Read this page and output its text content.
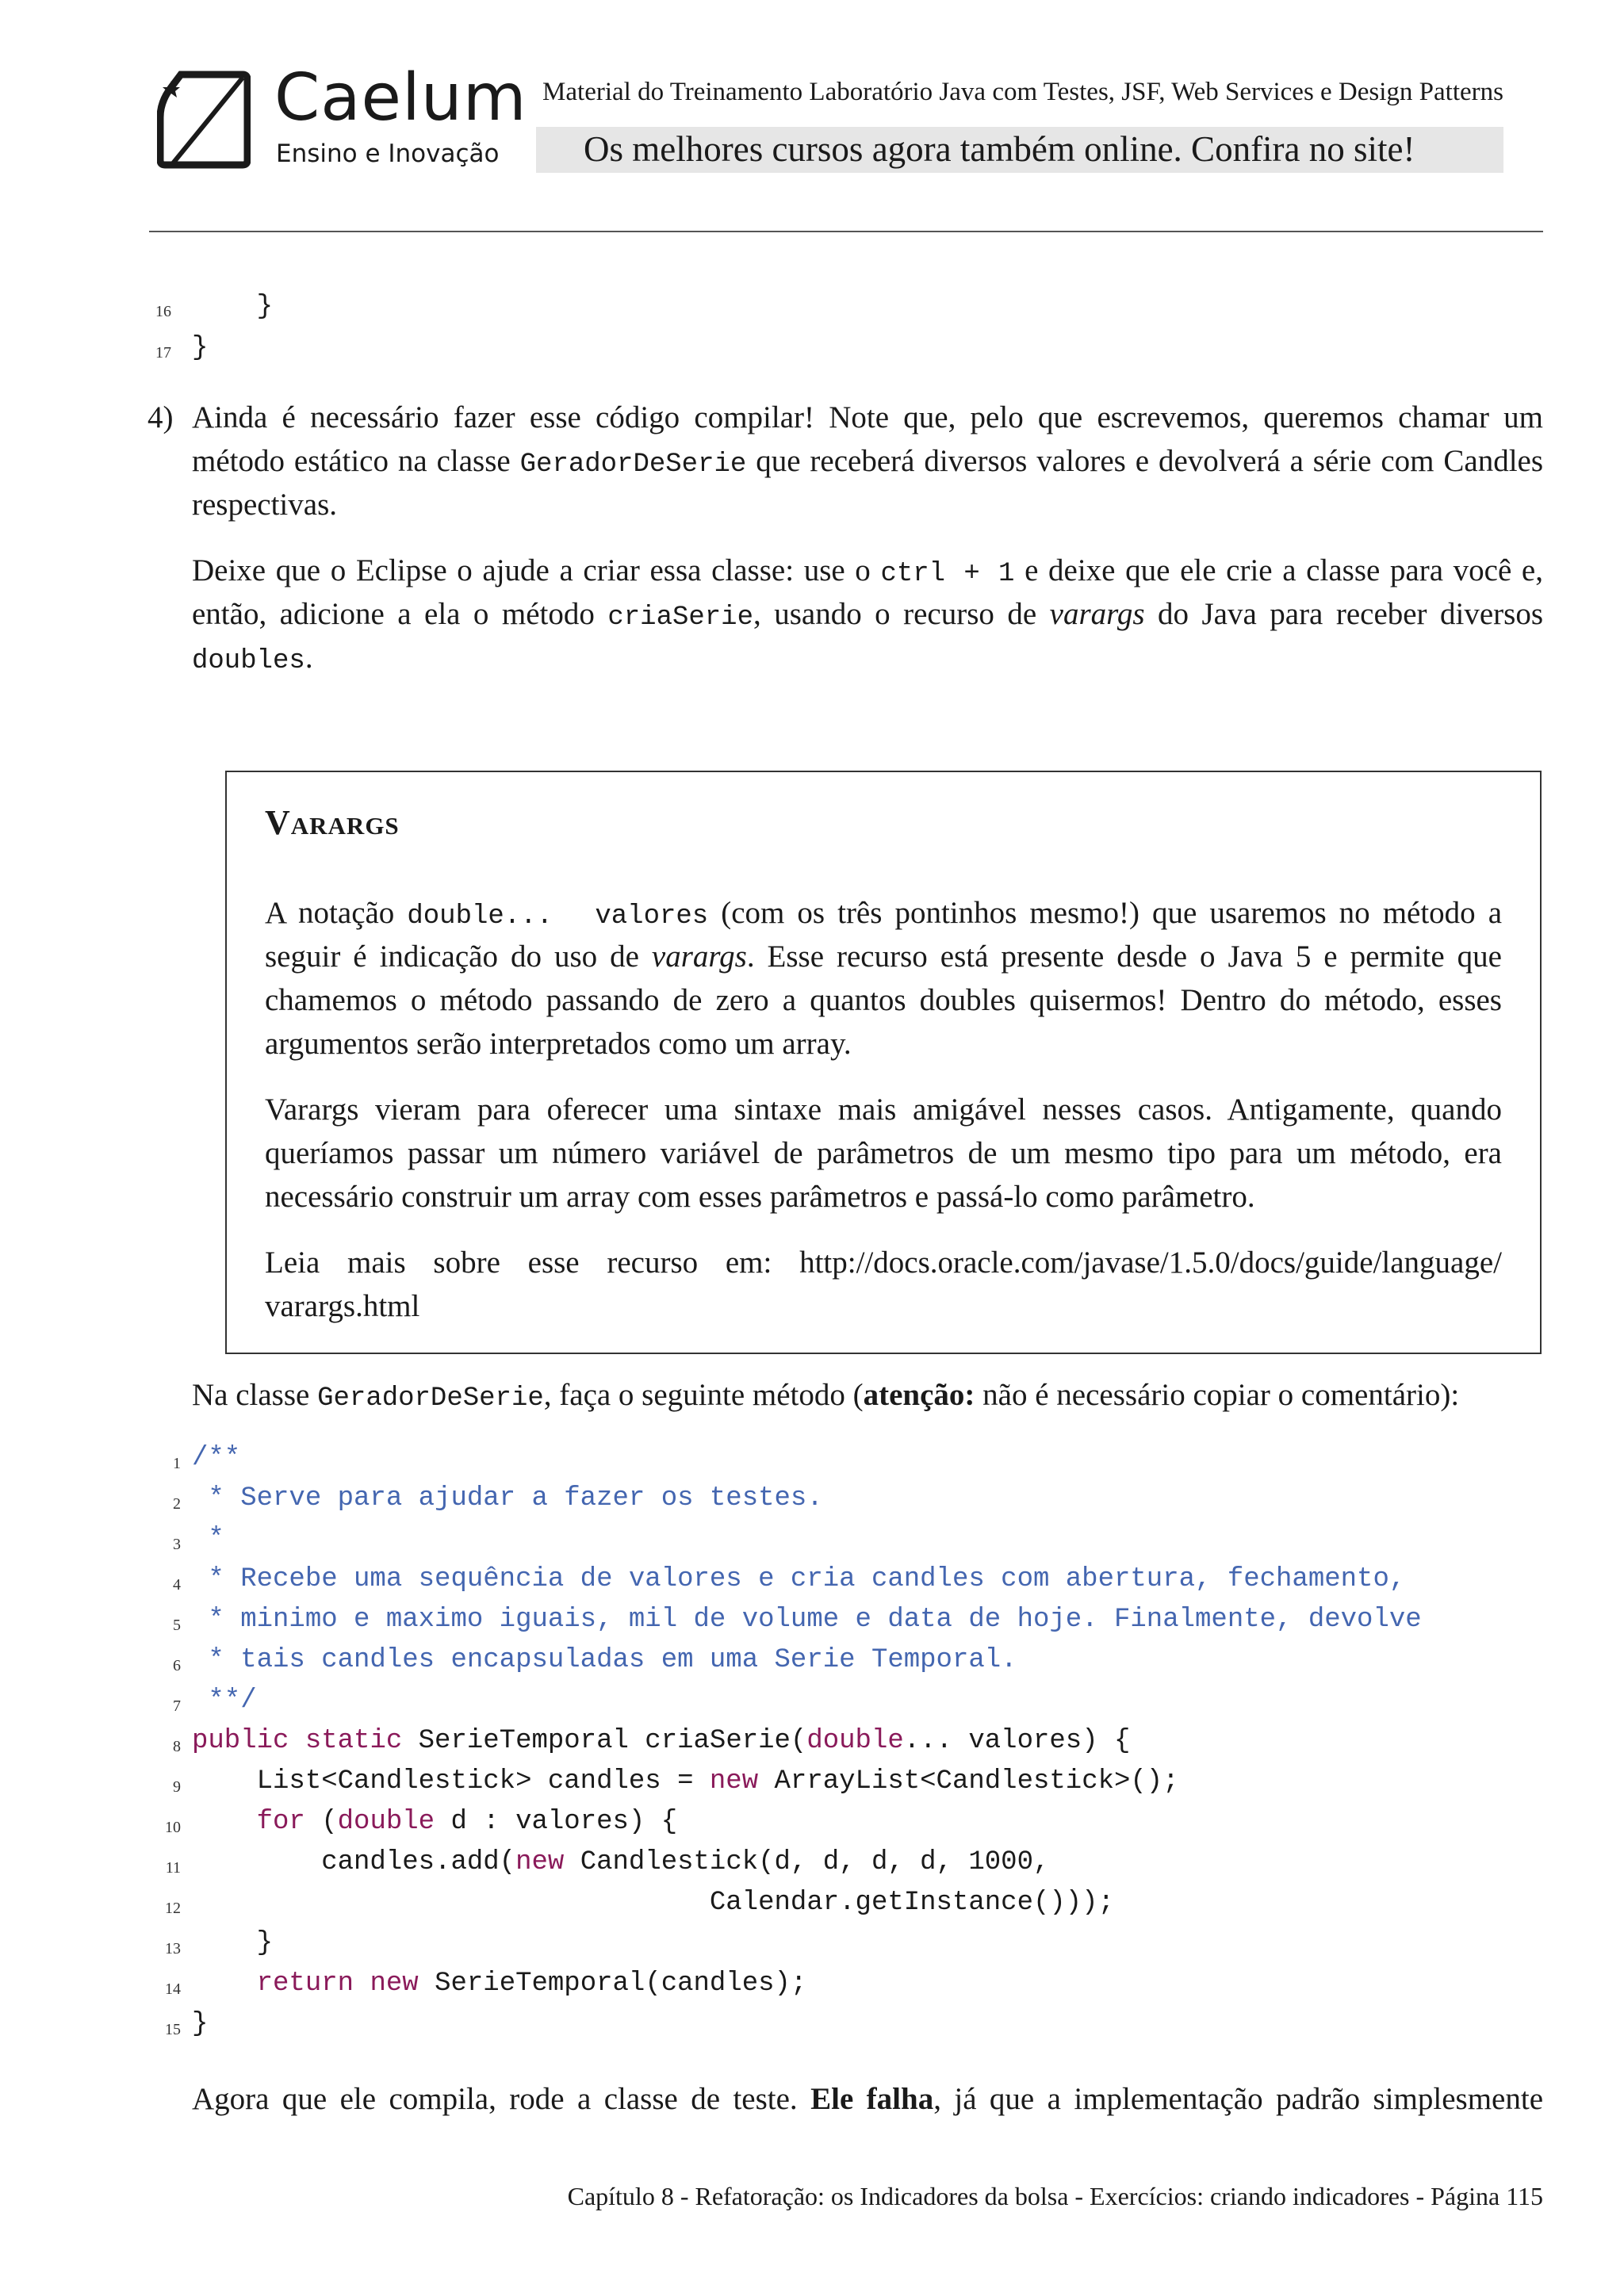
Caelum
Ensino e Inovação
Material do Treinamento Laboratório Java com Testes, JSF, Web Services e Design Patterns
Os melhores cursos agora também online. Confira no site!
16 }
17 }
4) Ainda é necessário fazer esse código compilar! Note que, pelo que escrevemos, queremos chamar um
método estático na classe GeradorDeSerie que receberá diversos valores e devolverá a série com Candles
respectivas.
Deixe que o Eclipse o ajude a criar essa classe: use o ctrl + 1 e deixe que ele crie a classe para você e,
então, adicione a ela o método criaSerie, usando o recurso de varargs do Java para receber diversos
doubles.
Varargs
A notação double...  valores (com os três pontinhos mesmo!) que usaremos no método a
seguir é indicação do uso de varargs. Esse recurso está presente desde o Java 5 e permite que
chamemos o método passando de zero a quantos doubles quisermos! Dentro do método, esses
argumentos serão interpretados como um array.
Varargs vieram para oferecer uma sintaxe mais amigável nesses casos. Antigamente, quando
queríamos passar um número variável de parâmetros de um mesmo tipo para um método, era
necessário construir um array com esses parâmetros e passá-lo como parâmetro.
Leia mais sobre esse recurso em: http://docs.oracle.com/javase/1.5.0/docs/guide/language/
varargs.html
Na classe GeradorDeSerie, faça o seguinte método (atenção: não é necessário copiar o comentário):
1 /**
2 * Serve para ajudar a fazer os testes.
3 *
4 * Recebe uma sequência de valores e cria candles com abertura, fechamento,
5 * minimo e maximo iguais, mil de volume e data de hoje. Finalmente, devolve
6 * tais candles encapsuladas em uma Serie Temporal.
7 **/
8 public static SerieTemporal criaSerie(double... valores) {
9 List<Candlestick> candles = new ArrayList<Candlestick>();
10	for (double d : valores) {
11 candles.add(new Candlestick(d, d, d, d, 1000,
12 Calendar.getInstance()));
13 }
14	return new SerieTemporal(candles);
15 }
Agora que ele compila, rode a classe de teste. Ele falha, já que a implementação padrão simplesmente
Capítulo 8 - Refatoração: os Indicadores da bolsa - Exercícios: criando indicadores - Página 115
